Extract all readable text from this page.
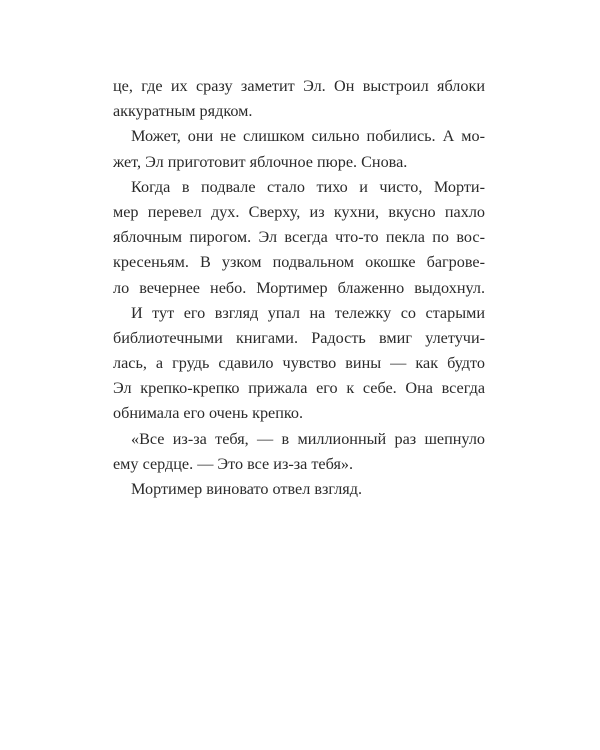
це, где их сразу заметит Эл. Он выстроил яблоки
аккуратным рядком.
Может, они не слишком сильно побились. А мо-
жет, Эл приготовит яблочное пюре. Снова.
Когда в подвале стало тихо и чисто, Морти-
мер перевел дух. Сверху, из кухни, вкусно пахло
яблочным пирогом. Эл всегда что-то пекла по вос-
кресеньям. В узком подвальном окошке багрове-
ло вечернее небо. Мортимер блаженно выдохнул.
И тут его взгляд упал на тележку со старыми
библиотечными книгами. Радость вмиг улетучи-
лась, а грудь сдавило чувство вины — как будто
Эл крепко-крепко прижала его к себе. Она всегда
обнимала его очень крепко.
«Все из-за тебя, — в миллионный раз шепнуло
ему сердце. — Это все из-за тебя».
Мортимер виновато отвел взгляд.
